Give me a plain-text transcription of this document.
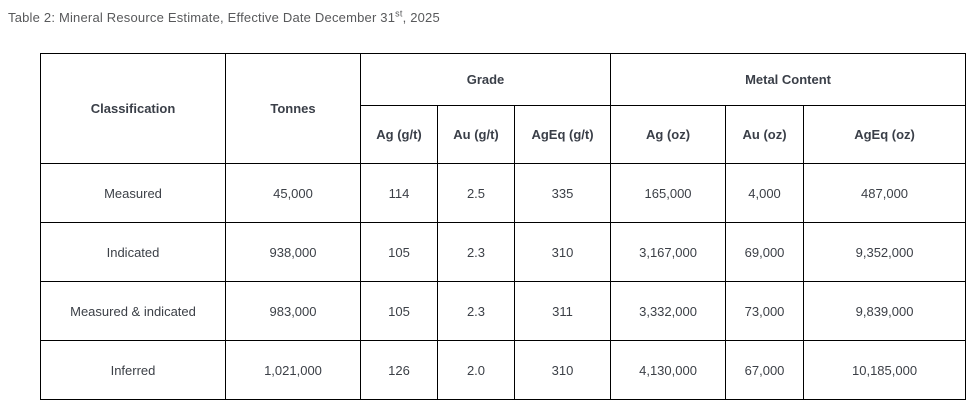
Table 2: Mineral Resource Estimate, Effective Date December 31st, 2025
Classification	Tonnes	Grade			Metal Content		
		Ag (g/t)	Au (g/t)	AgEq (g/t)	Ag (oz)	Au (oz)	AgEq (oz)
Measured	45,000	114	2.5	335	165,000	4,000	487,000
Indicated	938,000	105	2.3	310	3,167,000	69,000	9,352,000
Measured & indicated	983,000	105	2.3	311	3,332,000	73,000	9,839,000
Inferred	1,021,000	126	2.0	310	4,130,000	67,000	10,185,000
